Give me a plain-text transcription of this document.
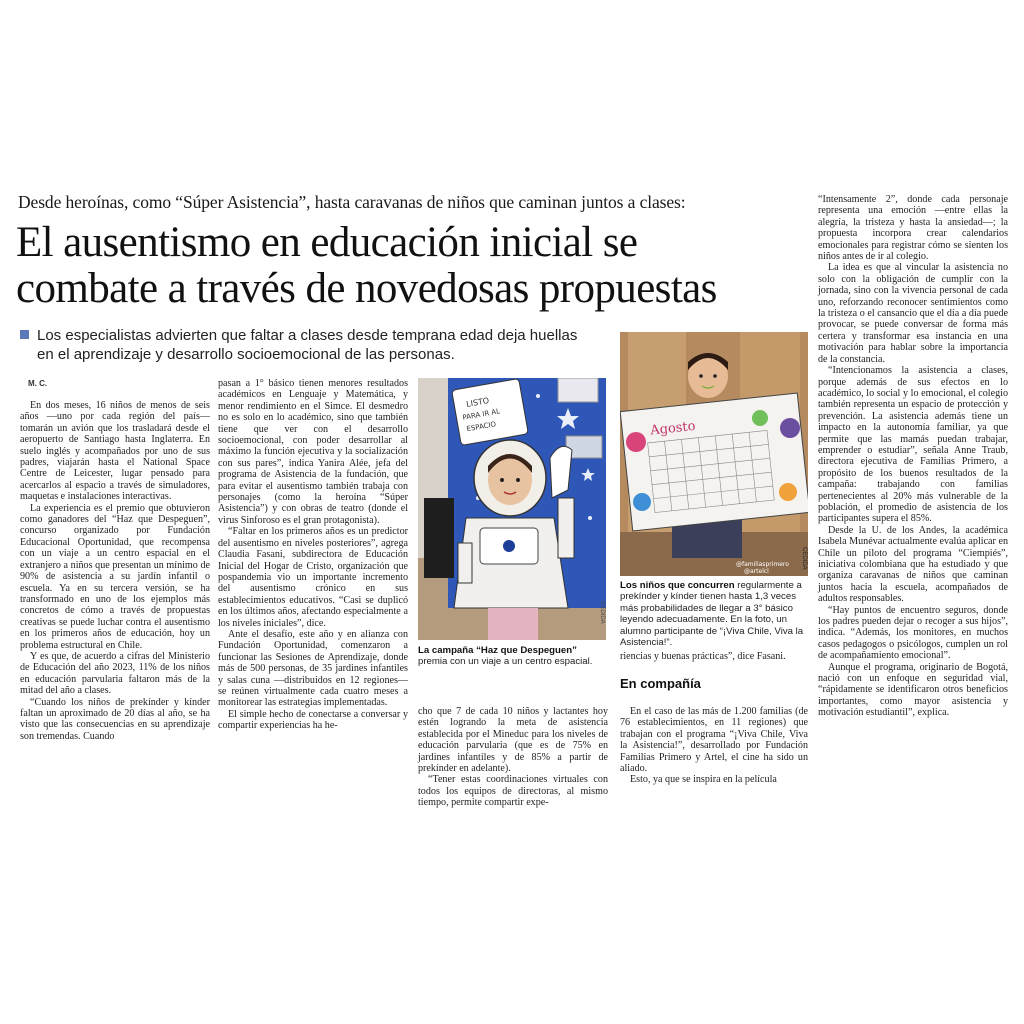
Desde heroínas, como “Súper Asistencia”, hasta caravanas de niños que caminan juntos a clases:
El ausentismo en educación inicial se
combate a través de novedosas propuestas
Los especialistas advierten que faltar a clases desde temprana edad deja huellas
en el aprendizaje y desarrollo socioemocional de las personas.
M. C.

En dos meses, 16 niños de menos de seis años —uno por cada región del país— tomarán un avión que los trasladará desde el aeropuerto de Santiago hasta Inglaterra. En suelo inglés y acompañados por uno de sus padres, viajarán hasta el National Space Centre de Leicester, lugar pensado para acercarlos al espacio a través de simuladores, maquetas e instalaciones interactivas.

La experiencia es el premio que obtuvieron como ganadores del “Haz que Despeguen”, concurso organizado por Fundación Educacional Oportunidad, que recompensa con un viaje a un centro espacial en el extranjero a niños que presentan un mínimo de 90% de asistencia a su jardín infantil o escuela. Ya en su tercera versión, se ha transformado en uno de los ejemplos más concretos de cómo a través de propuestas creativas se puede luchar contra el ausentismo en los primeros años de educación, hoy un problema estructural en Chile.

Y es que, de acuerdo a cifras del Ministerio de Educación del año 2023, 11% de los niños en educación parvularia faltaron más de la mitad del año a clases.

“Cuando los niños de prekínder y kínder faltan un aproximado de 20 días al año, se ha visto que las consecuencias en su aprendizaje son tremendas. Cuando

pasan a 1° básico tienen menores resultados académicos en Lenguaje y Matemática, y menor rendimiento en el Simce. El desmedro no es solo en lo académico, sino que también tiene que ver con el desarrollo socioemocional, con poder desarrollar al máximo la función ejecutiva y la socialización con sus pares”, indica Yanira Alée, jefa del programa de Asistencia de la fundación, que para evitar el ausentismo también trabaja con personajes (como la heroína “Súper Asistencia”) y con obras de teatro (donde el virus Sinforoso es el gran protagonista).

“Faltar en los primeros años es un predictor del ausentismo en niveles posteriores”, agrega Claudia Fasani, subdirectora de Educación Inicial del Hogar de Cristo, organización que pospandemia vio un importante incremento del ausentismo crónico en sus establecimientos educativos. “Casi se duplicó en los últimos años, afectando especialmente a los niveles iniciales”, dice.

Ante el desafío, este año y en alianza con Fundación Oportunidad, comenzaron a funcionar las Sesiones de Aprendizaje, donde más de 500 personas, de 35 jardines infantiles y salas cuna —distribuidos en 12 regiones— se reúnen virtualmente cada cuatro meses a monitorear las estrategias implementadas.

El simple hecho de conectarse a conversar y compartir experiencias ha he-

LISTO
PARA IR AL
ESPACIO
CEDIDA
La campaña “Haz que Despeguen” premia con un viaje a un centro espacial.

cho que 7 de cada 10 niños y lactantes hoy estén logrando la meta de asistencia establecida por el Mineduc para los niveles de educación parvularia (que es de 75% en jardines infantiles y de 85% a partir de prekínder en adelante).

“Tener estas coordinaciones virtuales con todos los equipos de directoras, al mismo tiempo, permite compartir expe-

Agosto
@familiasprimero
@artelcl
CEDIDA
Los niños que concurren regularmente a prekínder y kínder tienen hasta 1,3 veces más probabilidades de llegar a 3° básico leyendo adecuadamente. En la foto, un alumno participante de “¡Viva Chile, Viva la Asistencia!”.

riencias y buenas prácticas”, dice Fasani.

En compañía

En el caso de las más de 1.200 familias (de 76 establecimientos, en 11 regiones) que trabajan con el programa “¡Viva Chile, Viva la Asistencia!”, desarrollado por Fundación Familias Primero y Artel, el cine ha sido un aliado.

Esto, ya que se inspira en la película

“Intensamente 2”, donde cada personaje representa una emoción —entre ellas la alegría, la tristeza y hasta la ansiedad—; la propuesta incorpora crear calendarios emocionales para registrar cómo se sienten los niños antes de ir al colegio.

La idea es que al vincular la asistencia no solo con la obligación de cumplir con la jornada, sino con la vivencia personal de cada uno, reforzando reconocer sentimientos como la tristeza o el cansancio que el día a día puede provocar, se puede conversar de forma más certera y transformar esa instancia en una motivación para hablar sobre la importancia de la constancia.

“Intencionamos la asistencia a clases, porque además de sus efectos en lo académico, lo social y lo emocional, el colegio también representa un espacio de protección y prevención. La asistencia además tiene un impacto en la autonomía familiar, ya que permite que las mamás puedan trabajar, emprender o estudiar”, señala Anne Traub, directora ejecutiva de Familias Primero, a propósito de los buenos resultados de la campaña: trabajando con familias pertenecientes al 20% más vulnerable de la población, el promedio de asistencia de los participantes supera el 85%.

Desde la U. de los Andes, la académica Isabela Munévar actualmente evalúa aplicar en Chile un piloto del programa “Ciempiés”, iniciativa colombiana que ha estudiado y que organiza caravanas de niños que caminan juntos hacia la escuela, acompañados de adultos responsables.

“Hay puntos de encuentro seguros, donde los padres pueden dejar o recoger a sus hijos”, indica. “Además, los monitores, en muchos casos pedagogos o psicólogos, cumplen un rol de acompañamiento emocional”.

Aunque el programa, originario de Bogotá, nació con un enfoque en seguridad vial, “rápidamente se identificaron otros beneficios importantes, como mayor asistencia y motivación estudiantil”, explica.
